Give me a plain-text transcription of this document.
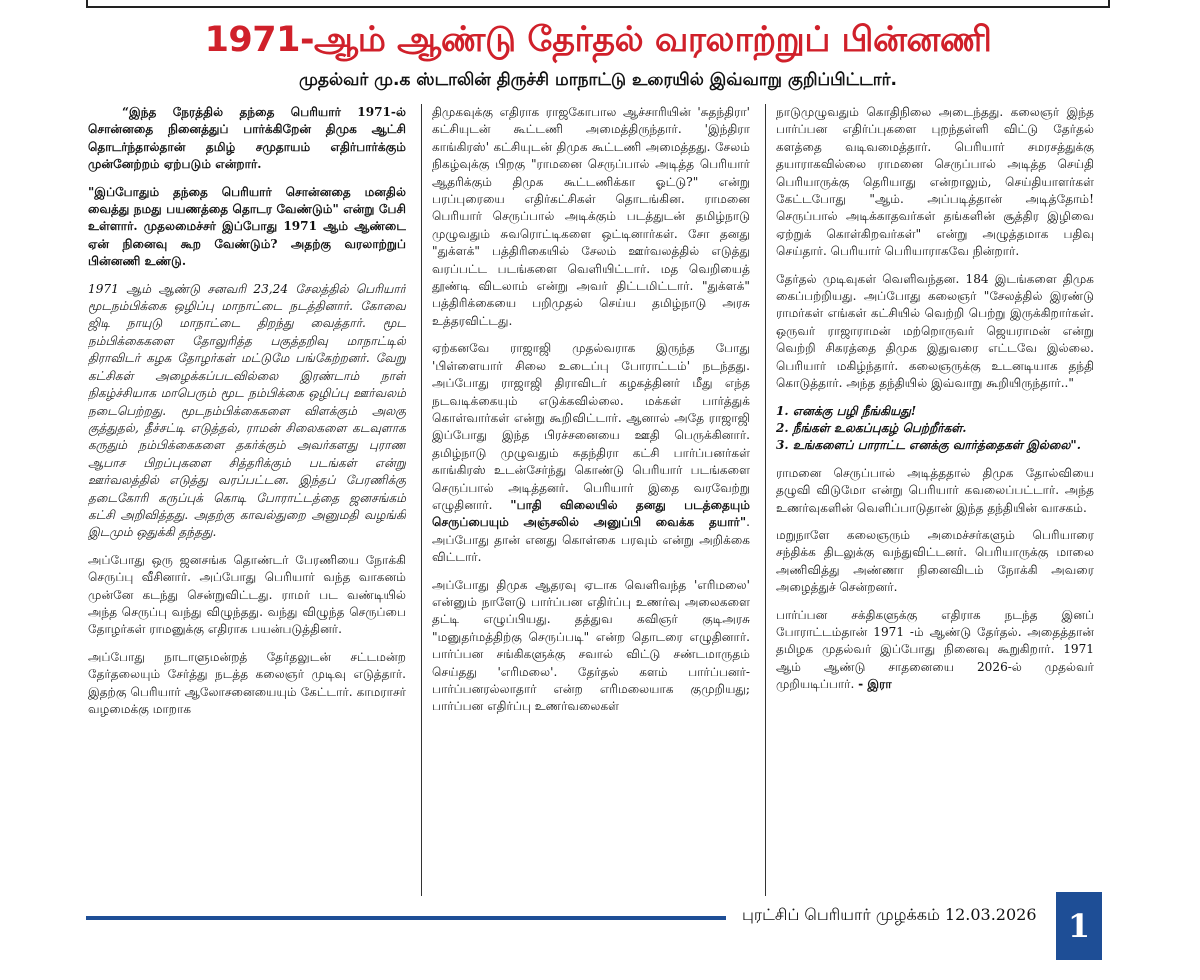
1971-ஆம் ஆண்டு தேர்தல் வரலாற்றுப் பின்னணி
முதல்வர் மு.க ஸ்டாலின் திருச்சி மாநாட்டு உரையில் இவ்வாறு குறிப்பிட்டார்.

“இந்த நேரத்தில் தந்தை பெரியார் 1971-ல் சொன்னதை நினைத்துப் பார்க்கிறேன் திமுக ஆட்சி தொடர்ந்தால்தான் தமிழ் சமுதாயம் எதிர்பார்க்கும் முன்னேற்றம் ஏற்படும் என்றார்.

"இப்போதும் தந்தை பெரியார் சொன்னதை மனதில் வைத்து நமது பயணத்தை தொடர வேண்டும்" என்று பேசி உள்ளார். முதலமைச்சர் இப்போது 1971 ஆம் ஆண்டை ஏன் நினைவு கூற வேண்டும்? அதற்கு வரலாற்றுப் பின்னணி உண்டு.

1971 ஆம் ஆண்டு சனவரி 23,24 சேலத்தில் பெரியார் மூடநம்பிக்கை ஒழிப்பு மாநாட்டை நடத்தினார். கோவை ஜிடி நாயுடு மாநாட்டை திறந்து வைத்தார். மூட நம்பிக்கைகளை தோலுரித்த பகுத்தறிவு மாநாட்டில் திராவிடர் கழக தோழர்கள் மட்டுமே பங்கேற்றனர். வேறு கட்சிகள் அழைக்கப்படவில்லை இரண்டாம் நாள் நிகழ்ச்சியாக மாபெரும் மூட நம்பிக்கை ஒழிப்பு ஊர்வலம் நடைபெற்றது. மூடநம்பிக்கைகளை விளக்கும் அலகு குத்துதல், தீச்சட்டி எடுத்தல், ராமன் சிலைகளை கடவுளாக கருதும் நம்பிக்கைகளை தகர்க்கும் அவர்களது புராண ஆபாச பிறப்புகளை சித்தரிக்கும் படங்கள் என்று ஊர்வலத்தில் எடுத்து வரப்பட்டன. இந்தப் பேரணிக்கு தடைகோரி கருப்புக் கொடி போராட்டத்தை ஜனசங்கம் கட்சி அறிவித்தது. அதற்கு காவல்துறை அனுமதி வழங்கி இடமும் ஒதுக்கி தந்தது.

அப்போது ஒரு ஜனசங்க தொண்டர் பேரணியை நோக்கி செருப்பு வீசினார். அப்போது பெரியார் வந்த வாகனம் முன்னே கடந்து சென்றுவிட்டது. ராமர் பட வண்டியில் அந்த செருப்பு வந்து விழுந்தது. வந்து விழுந்த செருப்பை தோழர்கள் ராமனுக்கு எதிராக பயன்படுத்தினர்.

அப்போது நாடாளுமன்றத் தேர்தலுடன் சட்டமன்ற தேர்தலையும் சேர்த்து நடத்த கலைஞர் முடிவு எடுத்தார். இதற்கு பெரியார் ஆலோசனையையும் கேட்டார். காமராசர் வழமைக்கு மாறாக

திமுகவுக்கு எதிராக ராஜகோபால ஆச்சாரியின் 'சுதந்திரா' கட்சியுடன் கூட்டணி அமைத்திருந்தார். 'இந்திரா காங்கிரஸ்' கட்சியுடன் திமுக கூட்டணி அமைத்தது. சேலம் நிகழ்வுக்கு பிறகு "ராமனை செருப்பால் அடித்த பெரியார் ஆதரிக்கும் திமுக கூட்டணிக்கா ஓட்டு?" என்று பரப்புரையை எதிர்கட்சிகள் தொடங்கின. ராமனை பெரியார் செருப்பால் அடிக்கும் படத்துடன் தமிழ்நாடு முழுவதும் சுவரொட்டிகளை ஒட்டினார்கள். சோ தனது "துக்ளக்" பத்திரிகையில் சேலம் ஊர்வலத்தில் எடுத்து வரப்பட்ட படங்களை வெளியிட்டார். மத வெறியைத் தூண்டி விடலாம் என்று அவர் திட்டமிட்டார். "துக்ளக்" பத்திரிக்கையை பறிமுதல் செய்ய தமிழ்நாடு அரசு உத்தரவிட்டது.

ஏற்கனவே ராஜாஜி முதல்வராக இருந்த போது 'பிள்ளையார் சிலை உடைப்பு போராட்டம்' நடந்தது. அப்போது ராஜாஜி திராவிடர் கழகத்தினர் மீது எந்த நடவடிக்கையும் எடுக்கவில்லை. மக்கள் பார்த்துக் கொள்வார்கள் என்று கூறிவிட்டார். ஆனால் அதே ராஜாஜி இப்போது இந்த பிரச்சனையை ஊதி பெருக்கினார். தமிழ்நாடு முழுவதும் சுதந்திரா கட்சி பார்ப்பனர்கள் காங்கிரஸ் உடன்சேர்ந்து கொண்டு பெரியார் படங்களை செருப்பால் அடித்தனர். பெரியார் இதை வரவேற்று எழுதினார். "பாதி விலையில் தனது படத்தையும் செருப்பையும் அஞ்சலில் அனுப்பி வைக்க தயார்". அப்போது தான் எனது கொள்கை பரவும் என்று அறிக்கை விட்டார்.

அப்போது திமுக ஆதரவு ஏடாக வெளிவந்த 'எரிமலை' என்னும் நாளேடு பார்ப்பன எதிர்ப்பு உணர்வு அலைகளை தட்டி எழுப்பியது. தத்துவ கவிஞர் குடிஅரசு "மனுதர்மத்திற்கு செருப்படி" என்ற தொடரை எழுதினார். பார்ப்பன சங்கிகளுக்கு சவால் விட்டு சண்டமாருதம் செய்தது 'எரிமலை'. தேர்தல் களம் பார்ப்பனர்- பார்ப்பனரல்லாதார் என்ற எரிமலையாக குமுறியது; பார்ப்பன எதிர்ப்பு உணர்வலைகள்

நாடுமுழுவதும் கொதிநிலை அடைந்தது. கலைஞர் இந்த பார்ப்பன எதிர்ப்புகளை புறந்தள்ளி விட்டு தேர்தல் களத்தை வடிவமைத்தார். பெரியார் சமரசத்துக்கு தயாராகவில்லை ராமனை செருப்பால் அடித்த செய்தி பெரியாருக்கு தெரியாது என்றாலும், செய்தியாளர்கள் கேட்டபோது "ஆம். அப்படித்தான் அடித்தோம்! செருப்பால் அடிக்காதவர்கள் தங்களின் சூத்திர இழிவை ஏற்றுக் கொள்கிறவர்கள்" என்று அழுத்தமாக பதிவு செய்தார். பெரியார் பெரியாராகவே நின்றார்.

தேர்தல் முடிவுகள் வெளிவந்தன. 184 இடங்களை திமுக கைப்பற்றியது. அப்போது கலைஞர் "சேலத்தில் இரண்டு ராமர்கள் எங்கள் கட்சியில் வெற்றி பெற்று இருக்கிறார்கள். ஒருவர் ராஜாராமன் மற்றொருவர் ஜெயராமன் என்று வெற்றி சிகரத்தை திமுக இதுவரை எட்டவே இல்லை. பெரியார் மகிழ்ந்தார். கலைஞருக்கு உடனடியாக தந்தி கொடுத்தார். அந்த தந்தியில் இவ்வாறு கூறியிருந்தார்.."

1. எனக்கு பழி நீங்கியது!
2. நீங்கள் உலகப்புகழ் பெற்றீர்கள்.
3. உங்களைப் பாராட்ட எனக்கு வார்த்தைகள் இல்லை".

ராமனை செருப்பால் அடித்ததால் திமுக தோல்வியை தழுவி விடுமோ என்று பெரியார் கவலைப்பட்டார். அந்த உணர்வுகளின் வெளிப்பாடுதான் இந்த தந்தியின் வாசகம்.

மறுநாளே கலைஞரும் அமைச்சர்களும் பெரியாரை சந்திக்க திடலுக்கு வந்துவிட்டனர். பெரியாருக்கு மாலை அணிவித்து அண்ணா நினைவிடம் நோக்கி அவரை அழைத்துச் சென்றனர்.

பார்ப்பன சக்திகளுக்கு எதிராக நடந்த இனப் போராட்டம்தான் 1971 -ம் ஆண்டு தேர்தல். அதைத்தான் தமிழக முதல்வர் இப்போது நினைவு கூறுகிறார். 1971 ஆம் ஆண்டு சாதனையை 2026-ல் முதல்வர் முறியடிப்பார். - இரா

புரட்சிப் பெரியார் முழக்கம் 12.03.2026 1
